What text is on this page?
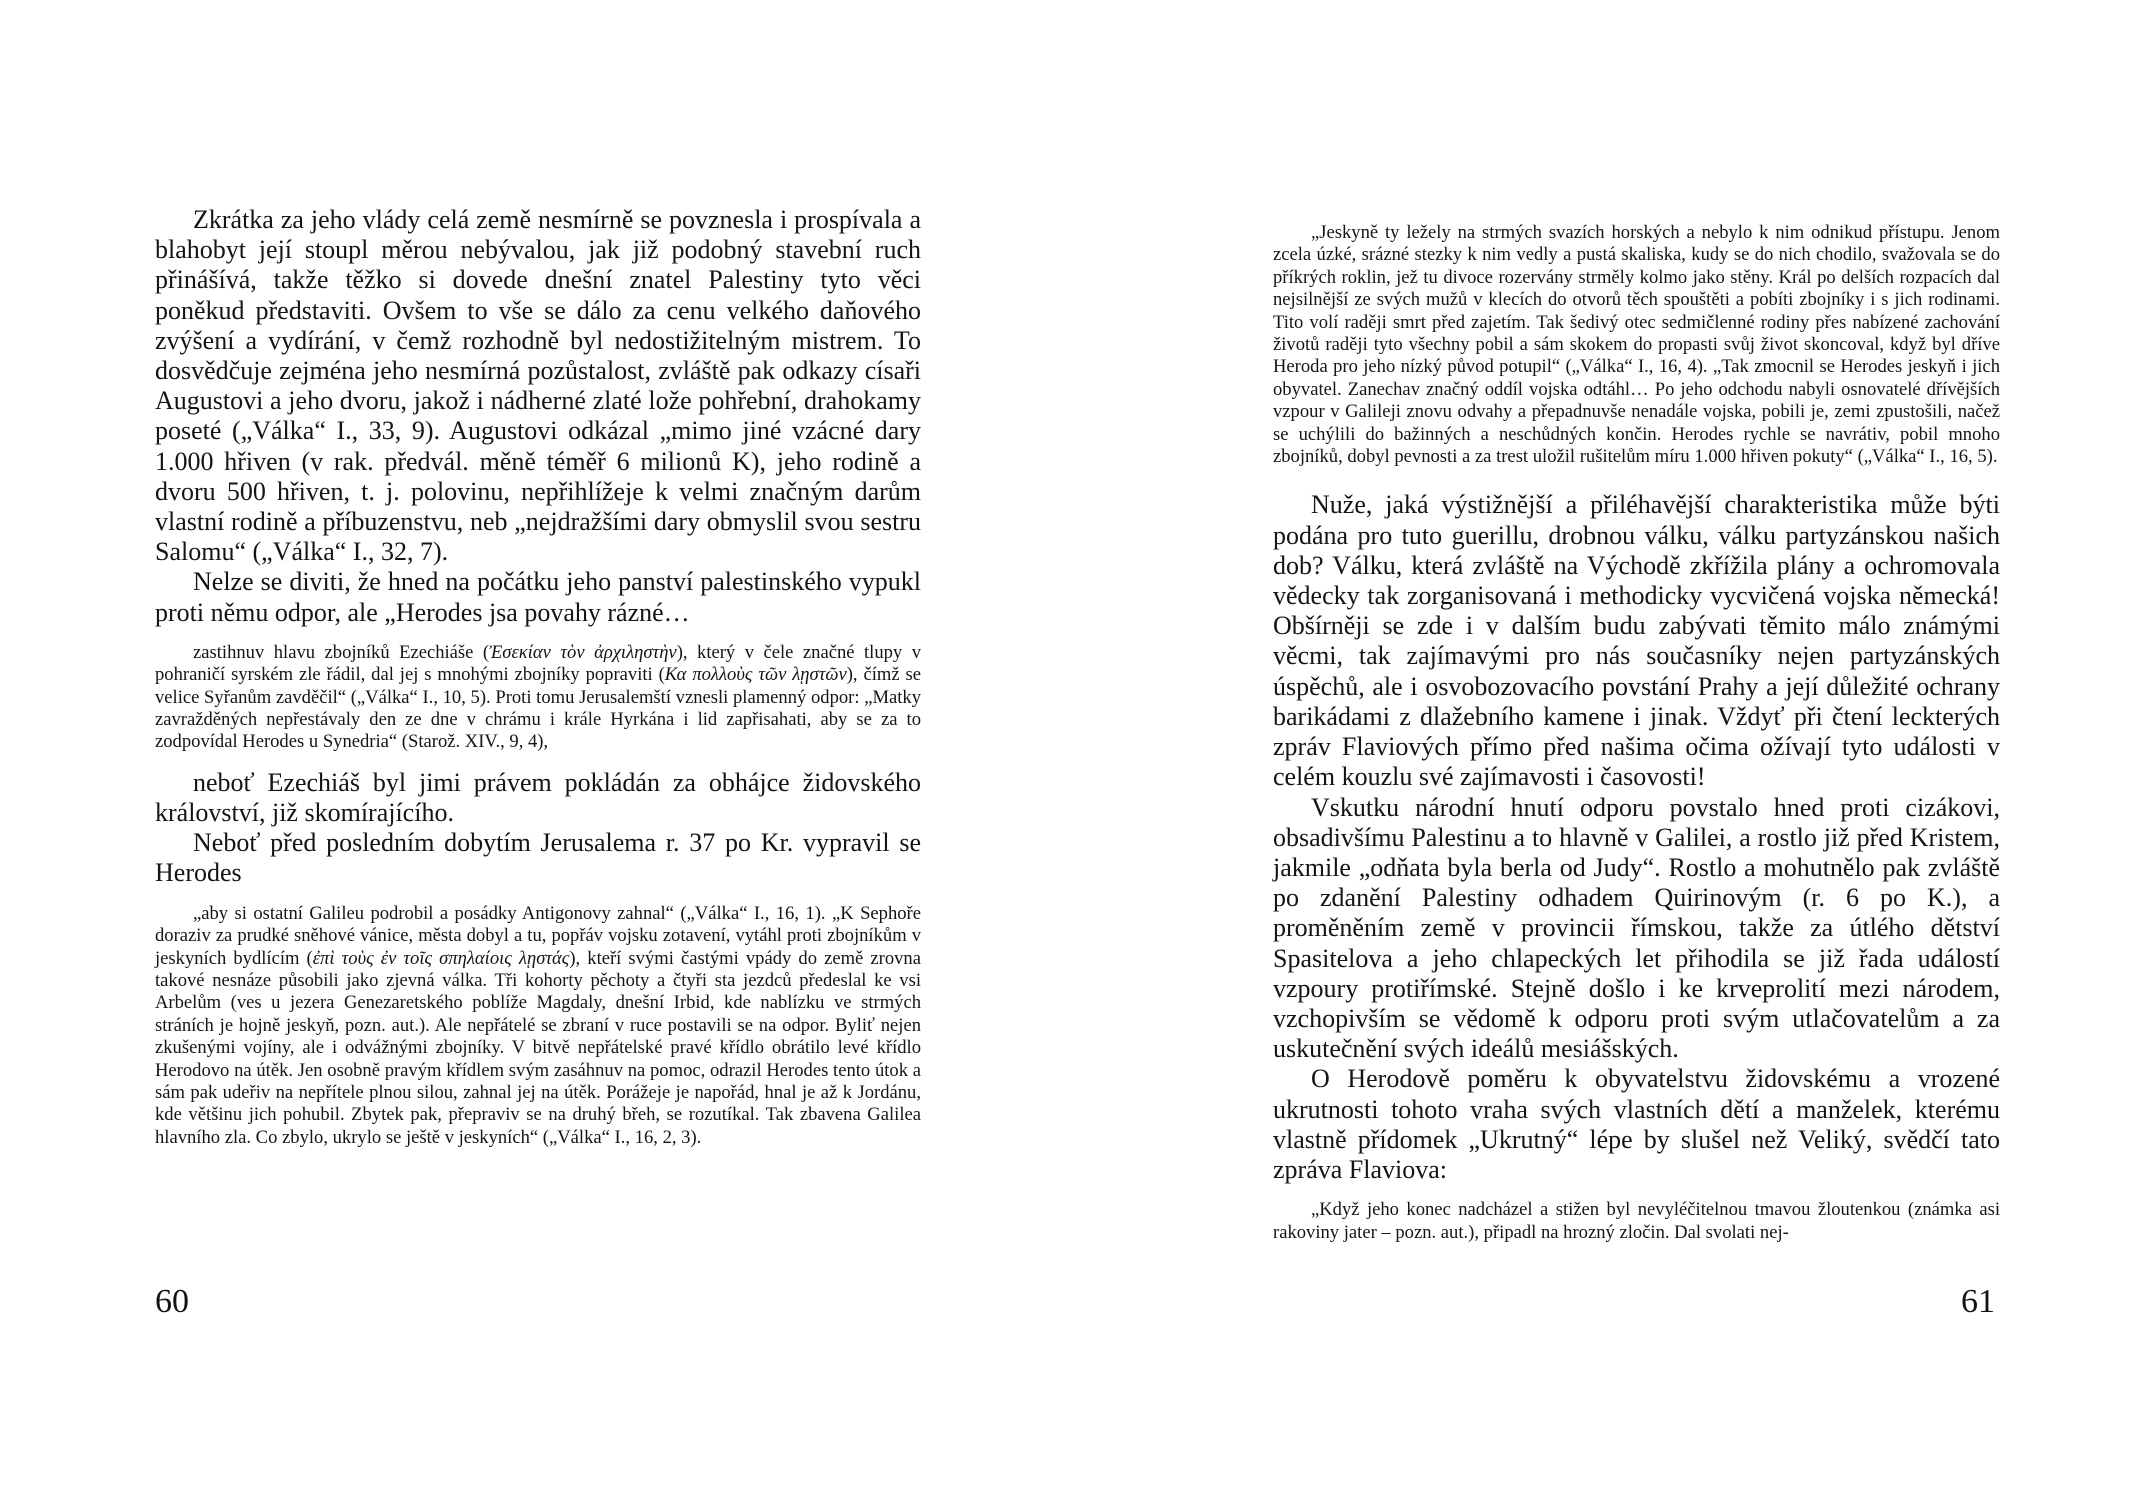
Zkrátka za jeho vlády celá země nesmírně se povznesla i prospívala a blahobyt její stoupl měrou nebývalou, jak již podobný stavební ruch přinášívá, takže těžko si dovede dnešní znatel Palestiny tyto věci poněkud představiti. Ovšem to vše se dálo za cenu velkého daňového zvýšení a vydírání, v čemž rozhodně byl nedostižitelným mistrem. To dosvědčuje zejména jeho nesmírná pozůstalost, zvláště pak odkazy císaři Augustovi a jeho dvoru, jakož i nádherné zlaté lože pohřební, drahokamy poseté („Válka“ I., 33, 9). Augustovi odkázal „mimo jiné vzácné dary 1.000 hřiven (v rak. předvál. měně téměř 6 milionů K), jeho rodině a dvoru 500 hřiven, t. j. polovinu, nepřihlížeje k velmi značným darům vlastní rodině a příbuzenstvu, neb „nejdražšími dary obmyslil svou sestru Salomu“ („Válka“ I., 32, 7).

Nelze se diviti, že hned na počátku jeho panství palestinského vypukl proti němu odpor, ale „Herodes jsa povahy rázné…

zastihnuv hlavu zbojníků Ezechiáše (Ἐσεκίαν τὸν ἀρχιληστὴν), který v čele značné tlupy v pohraničí syrském zle řádil, dal jej s mnohými zbojníky popraviti (Κα πολλοὺς τῶν λῃστῶν), čímž se velice Syřanům zavděčil“ („Válka“ I., 10, 5). Proti tomu Jerusalemští vznesli plamenný odpor: „Matky zavražděných nepřestávaly den ze dne v chrámu i krále Hyrkána i lid zapřisahati, aby se za to zodpovídal Herodes u Synedria“ (Starož. XIV., 9, 4),

neboť Ezechiáš byl jimi právem pokládán za obhájce židovského království, již skomírajícího.

Neboť před posledním dobytím Jerusalema r. 37 po Kr. vypravil se Herodes

„aby si ostatní Galileu podrobil a posádky Antigonovy zahnal“ („Válka“ I., 16, 1). „K Sephoře doraziv za prudké sněhové vánice, města dobyl a tu, popřáv vojsku zotavení, vytáhl proti zbojníkům v jeskyních bydlícím (ἐπὶ τοὺς ἐν τοῖς σπηλαίοις λῃστάς), kteří svými častými vpády do země zrovna takové nesnáze působili jako zjevná válka. Tři kohorty pěchoty a čtyři sta jezdců předeslal ke vsi Arbelům (ves u jezera Genezaretského poblíže Magdaly, dnešní Irbid, kde nablízku ve strmých stráních je hojně jeskyň, pozn. aut.). Ale nepřátelé se zbraní v ruce postavili se na odpor. Byliť nejen zkušenými vojíny, ale i odvážnými zbojníky. V bitvě nepřátelské pravé křídlo obrátilo levé křídlo Herodovo na útěk. Jen osobně pravým křídlem svým zasáhnuv na pomoc, odrazil Herodes tento útok a sám pak udeřiv na nepřítele plnou silou, zahnal jej na útěk. Porážeje je napořád, hnal je až k Jordánu, kde většinu jich pohubil. Zbytek pak, přepraviv se na druhý břeh, se rozutíkal. Tak zbavena Galilea hlavního zla. Co zbylo, ukrylo se ještě v jeskyních“ („Válka“ I., 16, 2, 3).

60

„Jeskyně ty ležely na strmých svazích horských a nebylo k nim odnikud přístupu. Jenom zcela úzké, srázné stezky k nim vedly a pustá skaliska, kudy se do nich chodilo, svažovala se do příkrých roklin, jež tu divoce rozervány strměly kolmo jako stěny. Král po delších rozpacích dal nejsilnější ze svých mužů v klecích do otvorů těch spouštěti a pobíti zbojníky i s jich rodinami. Tito volí raději smrt před zajetím. Tak šedivý otec sedmičlenné rodiny přes nabízené zachování životů raději tyto všechny pobil a sám skokem do propasti svůj život skoncoval, když byl dříve Heroda pro jeho nízký původ potupil“ („Válka“ I., 16, 4). „Tak zmocnil se Herodes jeskyň i jich obyvatel. Zanechav značný oddíl vojska odtáhl… Po jeho odchodu nabyli osnovatelé dřívějších vzpour v Galileji znovu odvahy a přepadnuvše nenadále vojska, pobili je, zemi zpustošili, načež se uchýlili do bažinných a neschůdných končin. Herodes rychle se navrátiv, pobil mnoho zbojníků, dobyl pevnosti a za trest uložil rušitelům míru 1.000 hřiven pokuty“ („Válka“ I., 16, 5).

Nuže, jaká výstižnější a přiléhavější charakteristika může býti podána pro tuto guerillu, drobnou válku, válku partyzánskou našich dob? Válku, která zvláště na Východě zkřížila plány a ochromovala vědecky tak zorganisovaná i methodicky vycvičená vojska německá! Obšírněji se zde i v dalším budu zabývati těmito málo známými věcmi, tak zajímavými pro nás současníky nejen partyzánských úspěchů, ale i osvobozovacího povstání Prahy a její důležité ochrany barikádami z dlažebního kamene i jinak. Vždyť při čtení leckterých zpráv Flaviových přímo před našima očima ožívají tyto události v celém kouzlu své zajímavosti i časovosti!

Vskutku národní hnutí odporu povstalo hned proti cizákovi, obsadivšímu Palestinu a to hlavně v Galilei, a rostlo již před Kristem, jakmile „odňata byla berla od Judy“. Rostlo a mohutnělo pak zvláště po zdanění Palestiny odhadem Quirinovým (r. 6 po K.), a proměněním země v provincii římskou, takže za útlého dětství Spasitelova a jeho chlapeckých let přihodila se již řada událostí vzpoury protiřímské. Stejně došlo i ke krveprolití mezi národem, vzchopivším se vědomě k odporu proti svým utlačovatelům a za uskutečnění svých ideálů mesiášských.

O Herodově poměru k obyvatelstvu židovskému a vrozené ukrutnosti tohoto vraha svých vlastních dětí a manželek, kterému vlastně přídomek „Ukrutný“ lépe by slušel než Veliký, svědčí tato zpráva Flaviova:

„Když jeho konec nadcházel a stižen byl nevyléčitelnou tmavou žloutenkou (známka asi rakoviny jater – pozn. aut.), připadl na hrozný zločin. Dal svolati nej-

61
